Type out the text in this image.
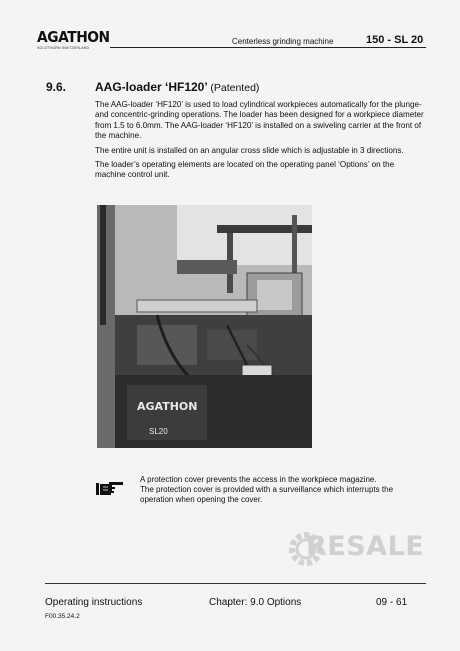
AGATHON
SOLOTHURN SWITZERLAND
Centerless grinding machine	150 - SL 20
9.6. AAG-loader ‘HF120’ (Patented)

The AAG-loader ‘HF120’ is used to load cylindrical workpieces automatically for the plunge- and concentric-grinding operations. The loader has been designed for a workpiece diameter from 1.5 to 6.0mm. The AAG-loader ‘HF120’ is installed on a swiveling carrier at the front of the machine.

The entire unit is installed on an angular cross slide which is adjustable in 3 directions.

The loader’s operating elements are located on the operating panel ‘Options’ on the machine control unit.

AGATHON
SL20

A protection cover prevents the access in the workpiece magazine.

The protection cover is provided with a surveillance which interrupts the operation when opening the cover.

RESALE
Operating instructions
F00.35.24.2
Chapter: 9.0 Options	09 - 61
